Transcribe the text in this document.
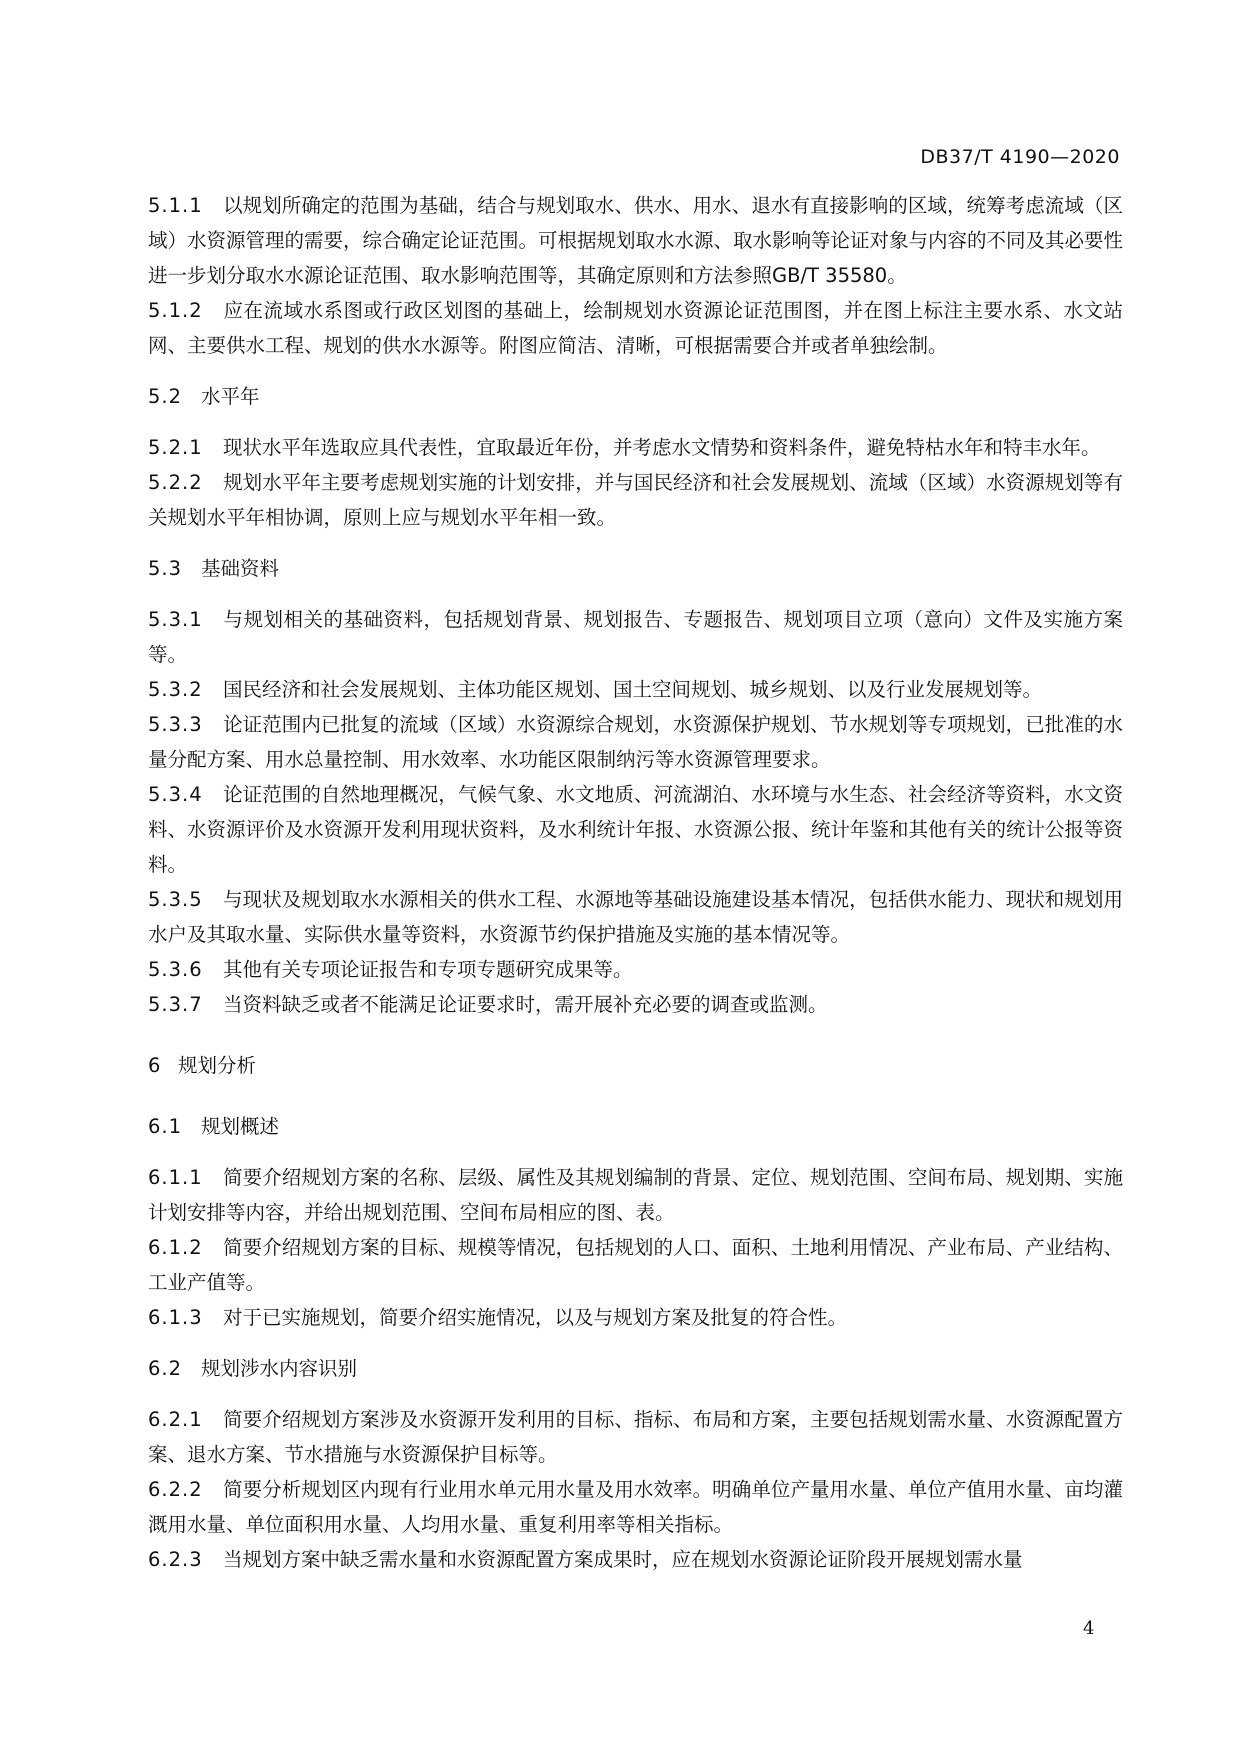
DB37/T 4190—2020

5.1.1 以规划所确定的范围为基础，结合与规划取水、供水、用水、退水有直接影响的区域，统筹考虑流域（区域）水资源管理的需要，综合确定论证范围。可根据规划取水水源、取水影响等论证对象与内容的不同及其必要性进一步划分取水水源论证范围、取水影响范围等，其确定原则和方法参照GB/T 35580。

5.1.2 应在流域水系图或行政区划图的基础上，绘制规划水资源论证范围图，并在图上标注主要水系、水文站网、主要供水工程、规划的供水水源等。附图应简洁、清晰，可根据需要合并或者单独绘制。

5.2 水平年

5.2.1 现状水平年选取应具代表性，宜取最近年份，并考虑水文情势和资料条件，避免特枯水年和特丰水年。

5.2.2 规划水平年主要考虑规划实施的计划安排，并与国民经济和社会发展规划、流域（区域）水资源规划等有关规划水平年相协调，原则上应与规划水平年相一致。

5.3 基础资料

5.3.1 与规划相关的基础资料，包括规划背景、规划报告、专题报告、规划项目立项（意向）文件及实施方案等。

5.3.2 国民经济和社会发展规划、主体功能区规划、国土空间规划、城乡规划、以及行业发展规划等。

5.3.3 论证范围内已批复的流域（区域）水资源综合规划，水资源保护规划、节水规划等专项规划，已批准的水量分配方案、用水总量控制、用水效率、水功能区限制纳污等水资源管理要求。

5.3.4 论证范围的自然地理概况，气候气象、水文地质、河流湖泊、水环境与水生态、社会经济等资料，水文资料、水资源评价及水资源开发利用现状资料，及水利统计年报、水资源公报、统计年鉴和其他有关的统计公报等资料。

5.3.5 与现状及规划取水水源相关的供水工程、水源地等基础设施建设基本情况，包括供水能力、现状和规划用水户及其取水量、实际供水量等资料，水资源节约保护措施及实施的基本情况等。

5.3.6 其他有关专项论证报告和专项专题研究成果等。

5.3.7 当资料缺乏或者不能满足论证要求时，需开展补充必要的调查或监测。

6 规划分析

6.1 规划概述

6.1.1 简要介绍规划方案的名称、层级、属性及其规划编制的背景、定位、规划范围、空间布局、规划期、实施计划安排等内容，并给出规划范围、空间布局相应的图、表。

6.1.2 简要介绍规划方案的目标、规模等情况，包括规划的人口、面积、土地利用情况、产业布局、产业结构、工业产值等。

6.1.3 对于已实施规划，简要介绍实施情况，以及与规划方案及批复的符合性。

6.2 规划涉水内容识别

6.2.1 简要介绍规划方案涉及水资源开发利用的目标、指标、布局和方案，主要包括规划需水量、水资源配置方案、退水方案、节水措施与水资源保护目标等。

6.2.2 简要分析规划区内现有行业用水单元用水量及用水效率。明确单位产量用水量、单位产值用水量、亩均灌溉用水量、单位面积用水量、人均用水量、重复利用率等相关指标。

6.2.3 当规划方案中缺乏需水量和水资源配置方案成果时，应在规划水资源论证阶段开展规划需水量

4
